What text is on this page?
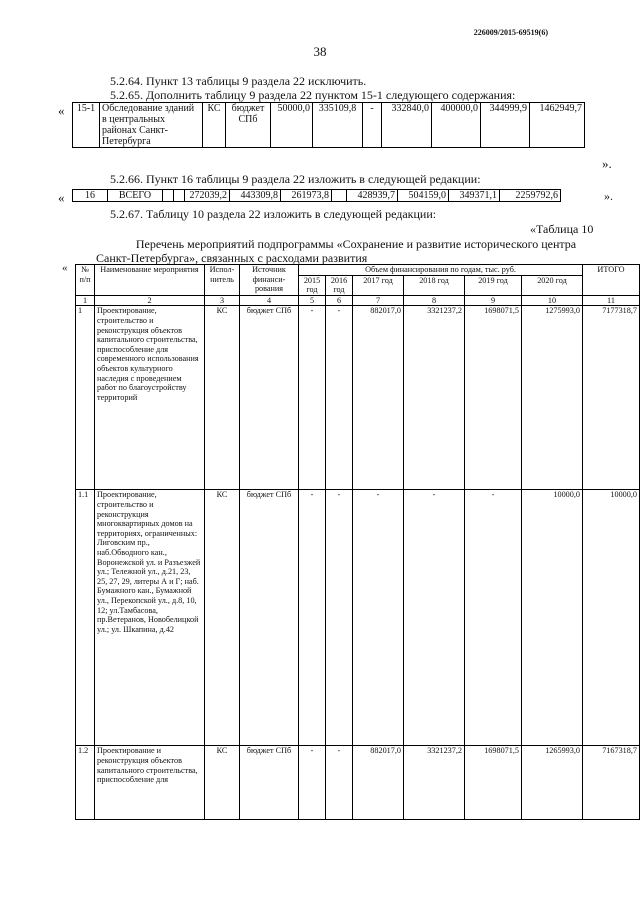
226009/2015-69519(6)
38
5.2.64. Пункт 13 таблицы 9 раздела 22 исключить.
5.2.65. Дополнить таблицу 9 раздела 22 пунктом 15-1 следующего содержания:
« 15-1	Обследование зданий в центральных районах Санкт-Петербурга	КС	бюджет СПб	50000,0	335109,8	-	332840,0	400000,0	344999,9	1462949,7
».
5.2.66. Пункт 16 таблицы 9 раздела 22 изложить в следующей редакции:
« 16	ВСЕГО			272039,2	443309,8	261973,8		428939,7	504159,0	349371,1	2259792,6	».
5.2.67. Таблицу 10 раздела 22 изложить в следующей редакции:
«Таблица 10
Перечень мероприятий подпрограммы «Сохранение и развитие исторического центра
Санкт-Петербурга», связанных с расходами развития
« № п/п	Наименование мероприятия	Испол-нитель	Источник финанси-рования	Объем финансирования по годам, тыс. руб.						ИТОГО
				2015 год	2016 год	2017 год	2018 год	2019 год	2020 год	
1	2	3	4	5	6	7	8	9	10	11
1	Проектирование, строительство и реконструкция объектов капитального строительства, приспособление для современного использования объектов культурного наследия с проведением работ по благоустройству территорий	КС	бюджет СПб	-	-	882017,0	3321237,2	1698071,5	1275993,0	7177318,7
1.1	Проектирование, строительство и реконструкция многоквартирных домов на территориях, ограниченных: Лиговским пр., наб.Обводного кан., Воронежской ул. и Разъезжей ул.; Тележной ул., д.21, 23, 25, 27, 29, литеры А и Г; наб. Бумажного кан., Бумажной ул., Перекопской ул., д.8, 10, 12; ул.Тамбасова, пр.Ветеранов, Новобелицкой ул.; ул. Шкапина, д.42	КС	бюджет СПб	-	-	-	-	-	10000,0	10000,0
1.2	Проектирование и реконструкция объектов капитального строительства, приспособление для	КС	бюджет СПб	-	-	882017,0	3321237,2	1698071,5	1265993,0	7167318,7
